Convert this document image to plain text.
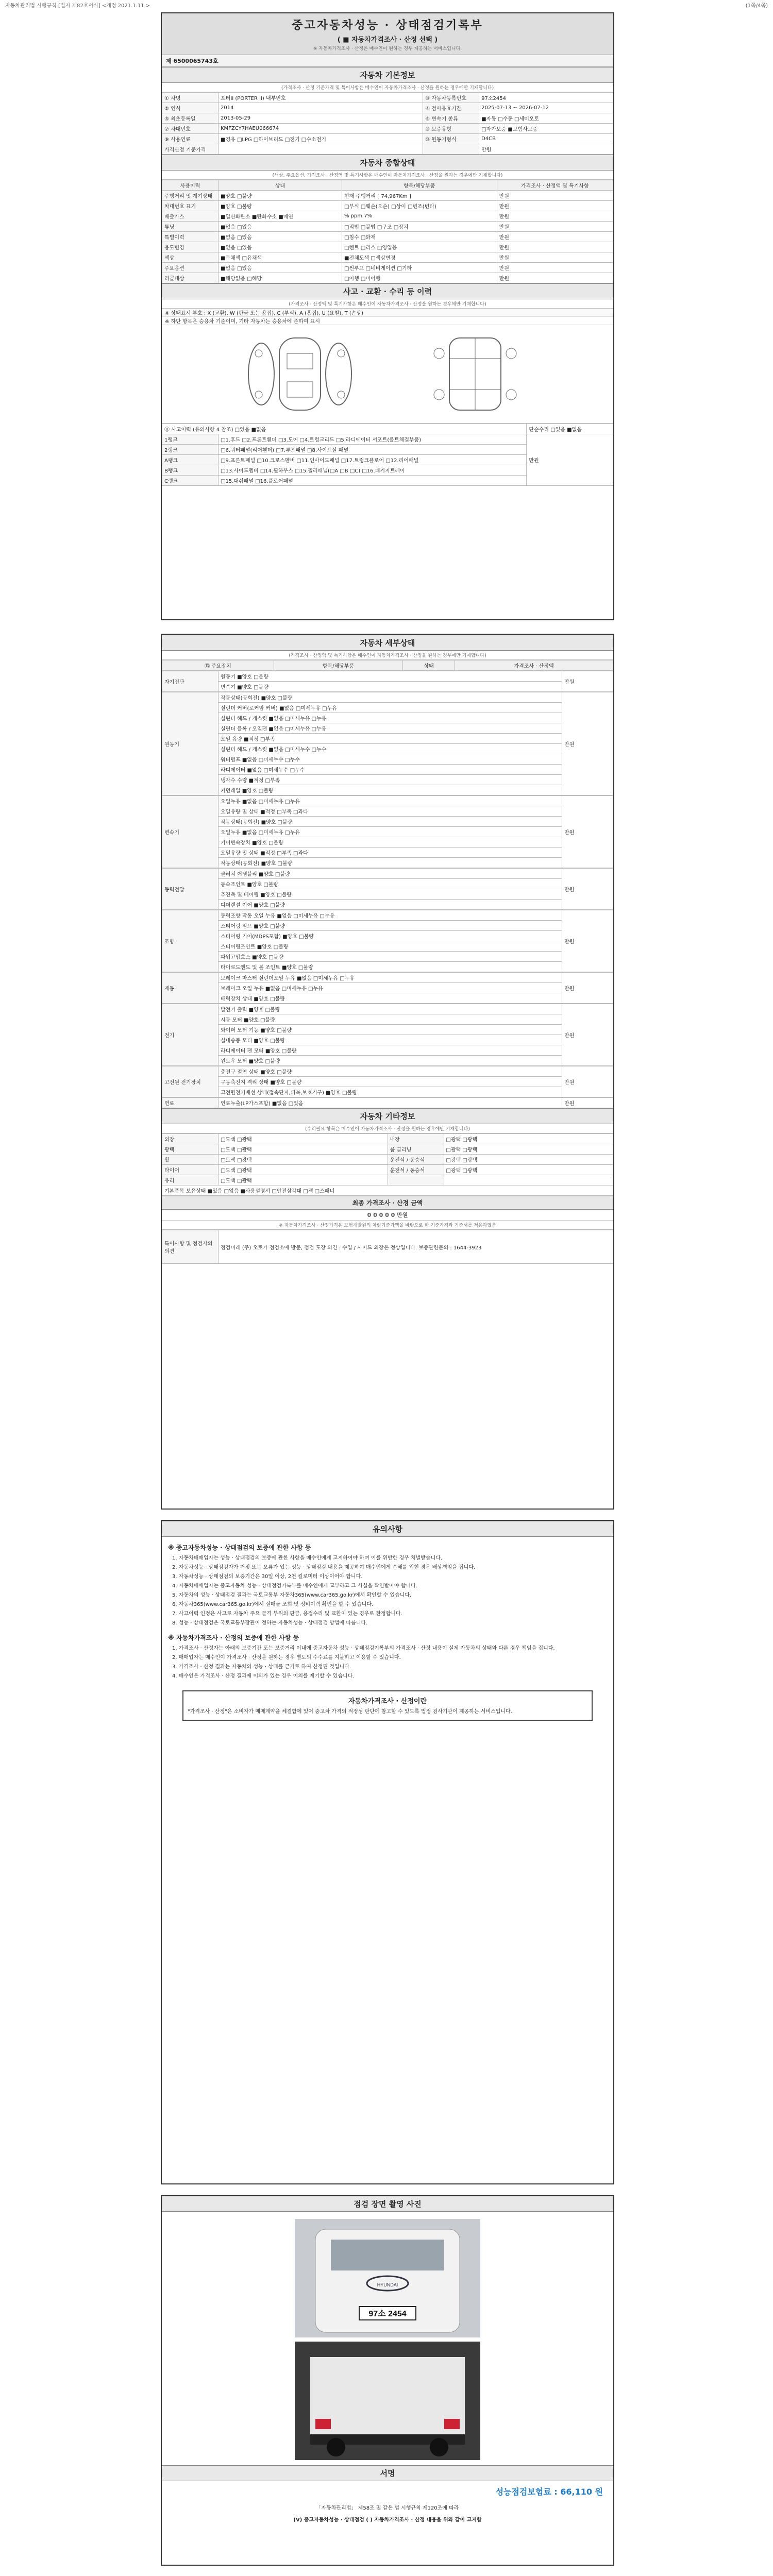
자동차관리법 시행규칙 [별지 제82호서식] <개정 2021.1.11.>	(1쪽/4쪽)
중고자동차성능 · 상태점검기록부
( ■ 자동차가격조사 · 산정 선택 )
※ 자동차가격조사 · 산정은 매수인이 원하는 경우 제공하는 서비스입니다.
제 6500065743호
자동차 기본정보
(가격조사 · 산정 기준가격 및 특이사항은 매수인이 자동차가격조사 · 산정을 원하는 경우에만 기재합니다)
① 차명	포터II (PORTER II) 내부번호	⑩ 자동차등록번호	97소2454
② 연식	2014	④ 검사유효기간	2025-07-13 ~ 2026-07-12
⑤ 최초등록일	2013-05-29	⑥ 변속기 종류	■자동 □수동 □세미오토
⑦ 차대번호	KMFZCY7HAEU066674	⑧ 보증유형	□자가보증 ■보험사보증
⑨ 사용연료	■경유 □LPG □하이브리드 □전기 □수소전기	⑩ 원동기형식	D4CB
가격산정 기준가격			만원
자동차 종합상태
(색상, 주요옵션, 가격조사 · 산정액 및 특기사항은 매수인이 자동차가격조사 · 산정을 원하는 경우에만 기재합니다)
사용이력	상태	항목/해당부품	가격조사 · 산정액 및 특기사항
주행거리 및 계기상태	■양호 □불량	현재 주행거리 [ 74,967Km ]	만원
차대번호 표기	■양호 □불량	□부식 □훼손(오손) □상이 □변조(변타)	만원
배출가스	■일산화탄소 ■탄화수소 ■매연	% ppm 7%	만원
튜닝	■없음 □있음	□적법 □불법 □구조 □장치	만원
특별이력	■없음 □있음	□침수 □화재	만원
용도변경	■없음 □있음	□렌트 □리스 □영업용	만원
색상	■무채색 □유채색	■전체도색 □색상변경	만원
주요옵션	■없음 □있음	□썬루프 □네비게이션 □기타	만원
리콜대상	■해당없음 □해당	□이행 □미이행	만원
사고 · 교환 · 수리 등 이력
(가격조사 · 산정액 및 특기사항은 매수인이 자동차가격조사 · 산정을 원하는 경우에만 기재합니다)
※ 상태표시 부호 : X (교환), W (판금 또는 용접), C (부식), A (흠집), U (요철), T (손상)
※ 하단 항목은 승용차 기준이며, 기타 자동차는 승용차에 준하여 표시
⑪ 사고이력 (유의사항 4 참조) □있음 ■없음		단순수리 □있음 ■없음
1랭크	□1.후드 □2.프론트휀더 □3.도어 □4.트렁크리드 □5.라디에이터 서포트(볼트체결부품)	만원
2랭크	□6.쿼터패널(리어휀더) □7.루프패널 □8.사이드실 패널	
A랭크	□9.프론트패널 □10.크로스멤버 □11.인사이드패널 □17.트렁크플로어 □12.리어패널	
B랭크	□13.사이드멤버 □14.휠하우스 □15.필러패널(□A □B □C) □16.패키지트레이	
C랭크	□15.대쉬패널 □16.플로어패널	
자동차 세부상태
(가격조사 · 산정액 및 특기사항은 매수인이 자동차가격조사 · 산정을 원하는 경우에만 기재합니다)
⑬ 주요장치	항목/해당부품	상태	가격조사 · 산정액
자기진단	원동기 ■양호 □불량	만원
변속기 ■양호 □불량
원동기	작동상태(공회전) ■양호 □불량	만원
실린더 커버(로커암 커버) ■없음 □미세누유 □누유
실린더 헤드 / 개스킷 ■없음 □미세누유 □누유
실린더 블록 / 오일팬 ■없음 □미세누유 □누유
오일 유량 ■적정 □부족
실린더 헤드 / 개스킷 ■없음 □미세누수 □누수
워터펌프 ■없음 □미세누수 □누수
라디에이터 ■없음 □미세누수 □누수
냉각수 수량 ■적정 □부족
커먼레일 ■양호 □불량
변속기	오일누유 ■없음 □미세누유 □누유	만원
오일유량 및 상태 ■적정 □부족 □과다
작동상태(공회전) ■양호 □불량
오일누유 ■없음 □미세누유 □누유
기어변속장치 ■양호 □불량
오일유량 및 상태 ■적정 □부족 □과다
작동상태(공회전) ■양호 □불량
동력전달	클러치 어셈블리 ■양호 □불량	만원
등속조인트 ■양호 □불량
추진축 및 베어링 ■양호 □불량
디퍼렌셜 기어 ■양호 □불량
조향	동력조향 작동 오일 누유 ■없음 □미세누유 □누유	만원
스티어링 펌프 ■양호 □불량
스티어링 기어(MDPS포함) ■양호 □불량
스티어링조인트 ■양호 □불량
파워고압호스 ■양호 □불량
타이로드엔드 및 볼 조인트 ■양호 □불량
제동	브레이크 마스터 실린더오일 누유 ■없음 □미세누유 □누유	만원
브레이크 오일 누유 ■없음 □미세누유 □누유
배력장치 상태 ■양호 □불량
전기	발전기 출력 ■양호 □불량	만원
시동 모터 ■양호 □불량
와이퍼 모터 기능 ■양호 □불량
실내송풍 모터 ■양호 □불량
라디에이터 팬 모터 ■양호 □불량
윈도우 모터 ■양호 □불량
고전원 전기장치	충전구 절연 상태 ■양호 □불량	만원
구동축전지 격리 상태 ■양호 □불량
고전원전기배선 상태(접속단자,피복,보호기구) ■양호 □불량
연료	연료누출(LP가스포함) ■없음 □있음	만원
자동차 기타정보
(수리필요 항목은 매수인이 자동차가격조사 · 산정을 원하는 경우에만 기재합니다)
외장	□도색 □광택	내장	□광택 □광택
광택	□도색 □광택	룸 클리닝	□광택 □광택
휠	□도색 □광택	운전석 / 동승석	□광택 □광택
타이어	□도색 □광택	운전석 / 동승석	□광택 □광택
유리	□도색 □광택		
기본품목 보유상태 ■있음 □없음 ■사용설명서 □안전삼각대 □잭 □스패너			
최종 가격조사 · 산정 금액
0 0 0 0 0 만원
※ 자동차가격조사 · 산정가격은 보험개발원의 차량기준가액을 바탕으로 한 기준가격과 기준서를 적용하였음
특이사항 및 점검자의 의견	점검미래 (주) 오토카 점검소에 방문, 점검 도장 의견 : 수입 / 사이드 외장은 정상입니다. 보증관련문의 : 1644-3923
유의사항
※ 중고자동차성능 · 상태점검의 보증에 관한 사항 등

1. 자동차매매업자는 성능 · 상태점검의 보증에 관한 사항을 매수인에게 고지하여야 하며 이를 위반한 경우 처벌받습니다.

2. 자동차성능 · 상태점검자가 거짓 또는 오류가 있는 성능 · 상태점검 내용을 제공하여 매수인에게 손해를 입힌 경우 배상책임을 집니다.

3. 자동차성능 · 상태점검의 보증기간은 30일 이상, 2천 킬로미터 이상이어야 합니다.

4. 자동차매매업자는 중고자동차 성능 · 상태점검기록부를 매수인에게 교부하고 그 사실을 확인받아야 합니다.

5. 자동차의 성능 · 상태점검 결과는 국토교통부 자동차365(www.car365.go.kr)에서 확인할 수 있습니다.

6. 자동차365(www.car365.go.kr)에서 실매물 조회 및 정비이력 확인을 할 수 있습니다.

7. 사고이력 인정은 사고로 자동차 주요 골격 부위의 판금, 용접수리 및 교환이 있는 경우로 한정합니다.

8. 성능 · 상태점검은 국토교통부장관이 정하는 자동차성능 · 상태점검 방법에 따릅니다.

※ 자동차가격조사 · 산정의 보증에 관한 사항 등

1. 가격조사 · 산정자는 아래의 보증기간 또는 보증거리 이내에 중고자동차 성능 · 상태점검기록부의 가격조사 · 산정 내용이 실제 자동차의 상태와 다른 경우 책임을 집니다.

2. 매매업자는 매수인이 가격조사 · 산정을 원하는 경우 별도의 수수료를 지불하고 이용할 수 있습니다.

3. 가격조사 · 산정 결과는 자동차의 성능 · 상태를 근거로 하여 산정된 것입니다.

4. 매수인은 가격조사 · 산정 결과에 이의가 있는 경우 이의를 제기할 수 있습니다.

자동차가격조사 · 산정이란
"가격조사 · 산정"은 소비자가 매매계약을 체결함에 있어 중고차 가격의 적정성 판단에 참고할 수 있도록 법정 검사기관이 제공하는 서비스입니다.
점검 장면 촬영 사진
97소 2454
HYUNDAI
서명
성능점검보험료 : 66,110 원
「자동차관리법」 제58조 및 같은 법 시행규칙 제120조에 따라
(V) 중고자동차성능 · 상태점검 ( ) 자동차가격조사 · 산정 내용을 위와 같이 고지함
